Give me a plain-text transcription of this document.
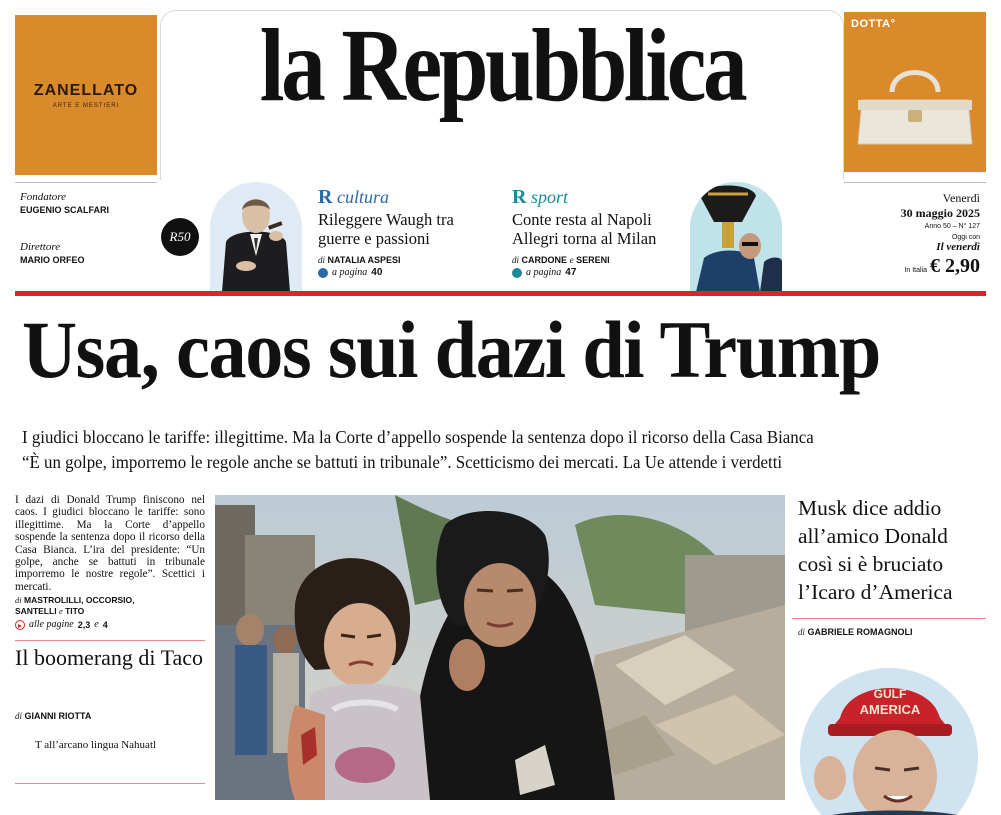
ZANELLATO
ARTE E MESTIERI	la Repubblica	DOTTA°
Fondatore
EUGENIO SCALFARI
Direttore
MARIO ORFEO
R50
R cultura
Rileggere Waugh tra guerre e passioni
di NATALIA ASPESI
a pagina 40
R sport
Conte resta al Napoli Allegri torna al Milan
di CARDONE e SERENI
a pagina 47
Venerdì
30 maggio 2025
Anno 50 – N° 127
Oggi con
Il venerdì
In Italia € 2,90
Usa, caos sui dazi di Trump
I giudici bloccano le tariffe: illegittime. Ma la Corte d’appello sospende la sentenza dopo il ricorso della Casa Bianca
“È un golpe, imporremo le regole anche se battuti in tribunale”. Scetticismo dei mercati. La Ue attende i verdetti
I dazi di Donald Trump finiscono nel caos. I giudici bloccano le tariffe: sono illegittime. Ma la Corte d’appello sospende la sentenza dopo il ricorso della Casa Bianca. L’ira del presidente: “Un golpe, anche se battuti in tribunale imporremo le nostre regole”. Scettici i mercati.
di MASTROLILLI, OCCORSIO,
SANTELLI e TITO
alle pagine 2,3 e 4
Il boomerang di Taco
di GIANNI RIOTTA
T all’arcano lingua Nahuatl
Musk dice addio all’amico Donald così si è bruciato l’Icaro d’America
di GABRIELE ROMAGNOLI
GULF
AMERICA
